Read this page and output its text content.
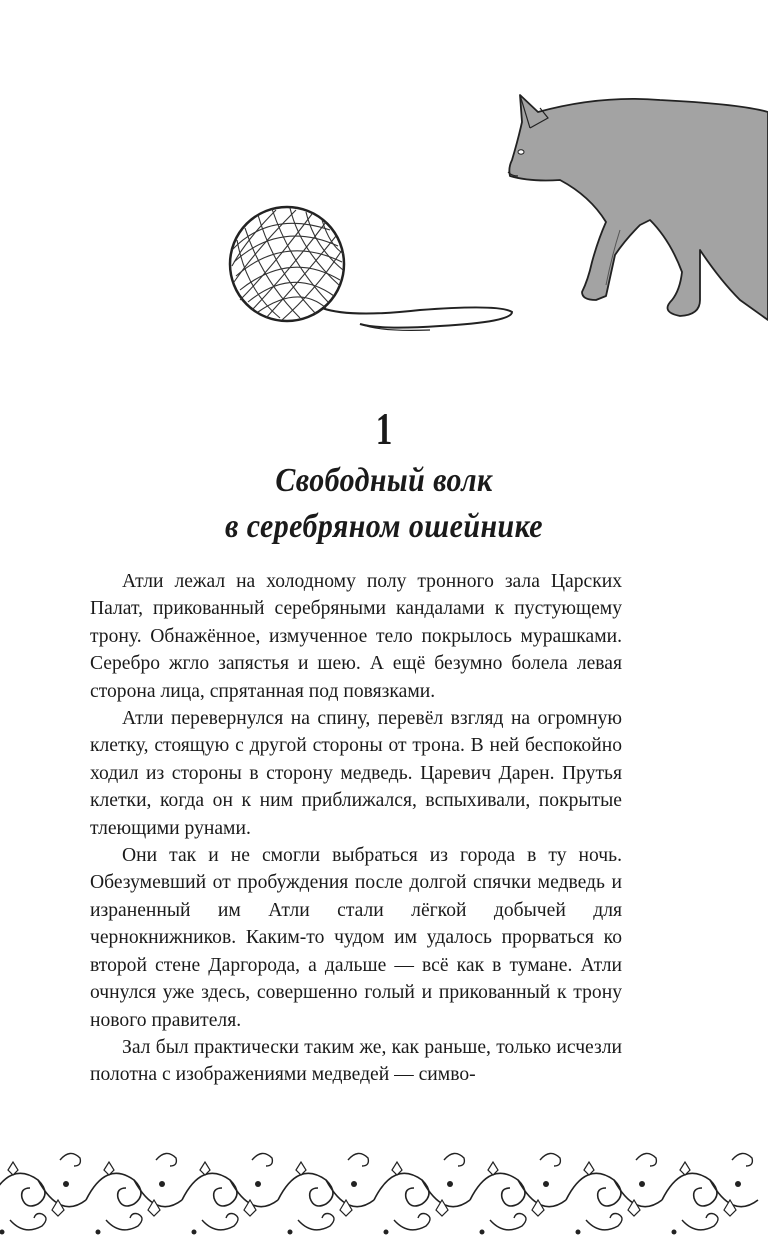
1
Свободный волк
в серебряном ошейнике

Атли лежал на холодному полу тронного зала Царских Палат, прикованный серебряными кандалами к пустующему трону. Обнажённое, измученное тело покрылось мурашками. Серебро жгло запястья и шею. А ещё безумно болела левая сторона лица, спрятанная под повязками.

Атли перевернулся на спину, перевёл взгляд на огромную клетку, стоящую с другой стороны от трона. В ней беспокойно ходил из стороны в сторону медведь. Царевич Дарен. Прутья клетки, когда он к ним приближался, вспыхивали, покрытые тлеющими рунами.

Они так и не смогли выбраться из города в ту ночь. Обезумевший от пробуждения после долгой спячки медведь и израненный им Атли стали лёгкой добычей для чернокнижников. Каким-то чудом им удалось прорваться ко второй стене Даргорода, а дальше — всё как в тумане. Атли очнулся уже здесь, совершенно голый и прикованный к трону нового правителя.

Зал был практически таким же, как раньше, только исчезли полотна с изображениями медведей — симво-
